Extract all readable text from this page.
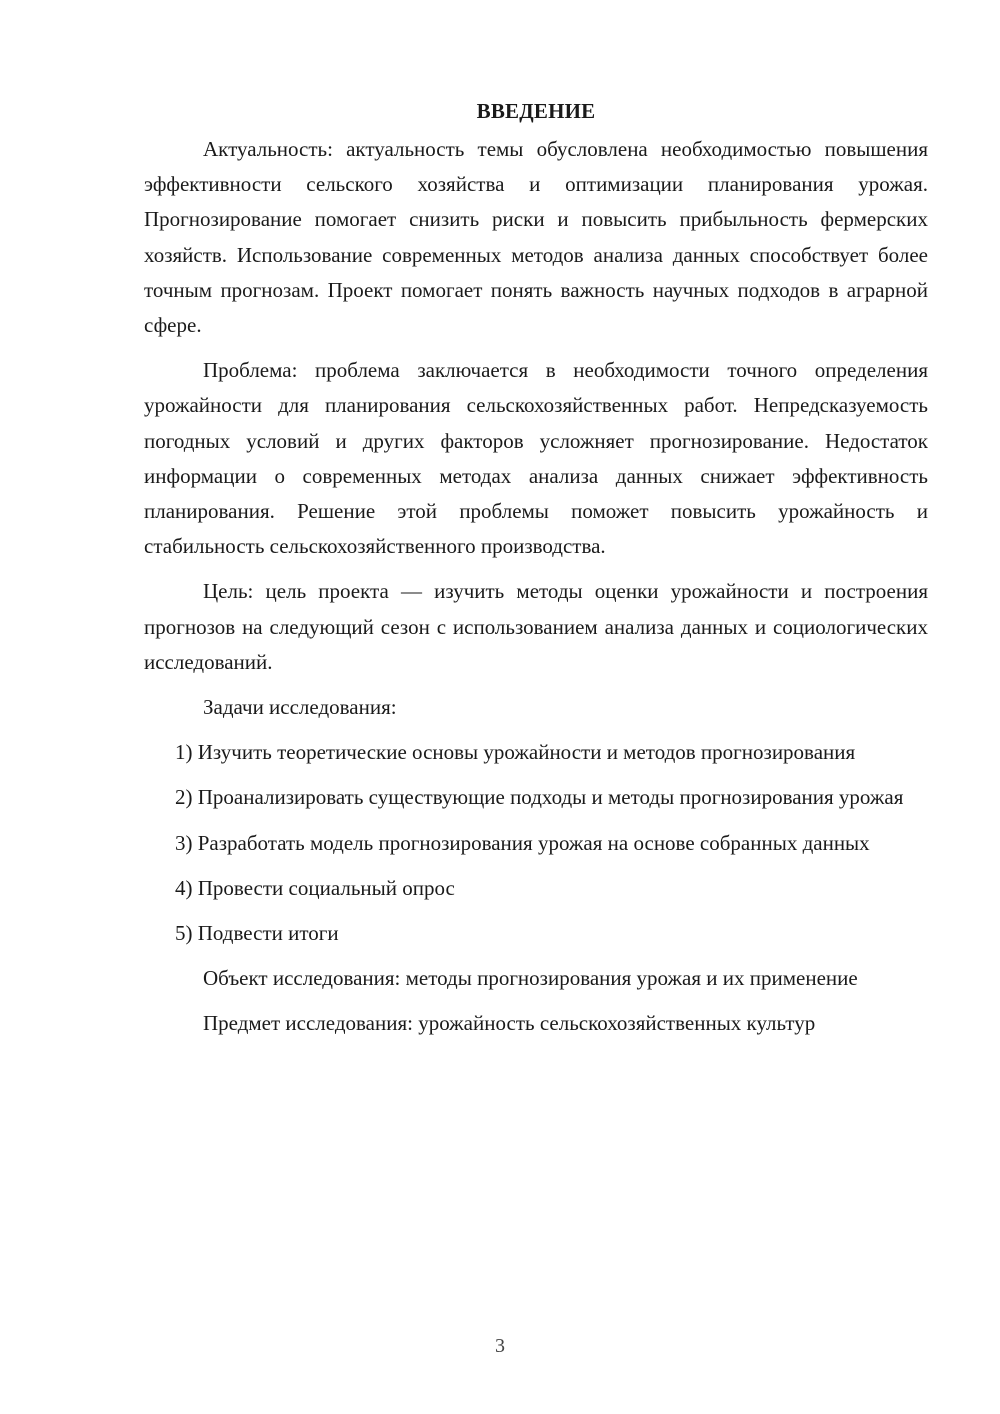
ВВЕДЕНИЕ

Актуальность: актуальность темы обусловлена необходимостью повышения эффективности сельского хозяйства и оптимизации планирования урожая. Прогнозирование помогает снизить риски и повысить прибыльность фермерских хозяйств. Использование современных методов анализа данных способствует более точным прогнозам. Проект помогает понять важность научных подходов в аграрной сфере.

Проблема: проблема заключается в необходимости точного определения урожайности для планирования сельскохозяйственных работ. Непредсказуемость погодных условий и других факторов усложняет прогнозирование. Недостаток информации о современных методах анализа данных снижает эффективность планирования. Решение этой проблемы поможет повысить урожайность и стабильность сельскохозяйственного производства.

Цель: цель проекта — изучить методы оценки урожайности и построения прогнозов на следующий сезон с использованием анализа данных и социологических исследований.

Задачи исследования:

1) Изучить теоретические основы урожайности и методов прогнозирования

2) Проанализировать существующие подходы и методы прогнозирования урожая

3) Разработать модель прогнозирования урожая на основе собранных данных

4) Провести социальный опрос

5) Подвести итоги

Объект исследования: методы прогнозирования урожая и их применение

Предмет исследования: урожайность сельскохозяйственных культур

3
